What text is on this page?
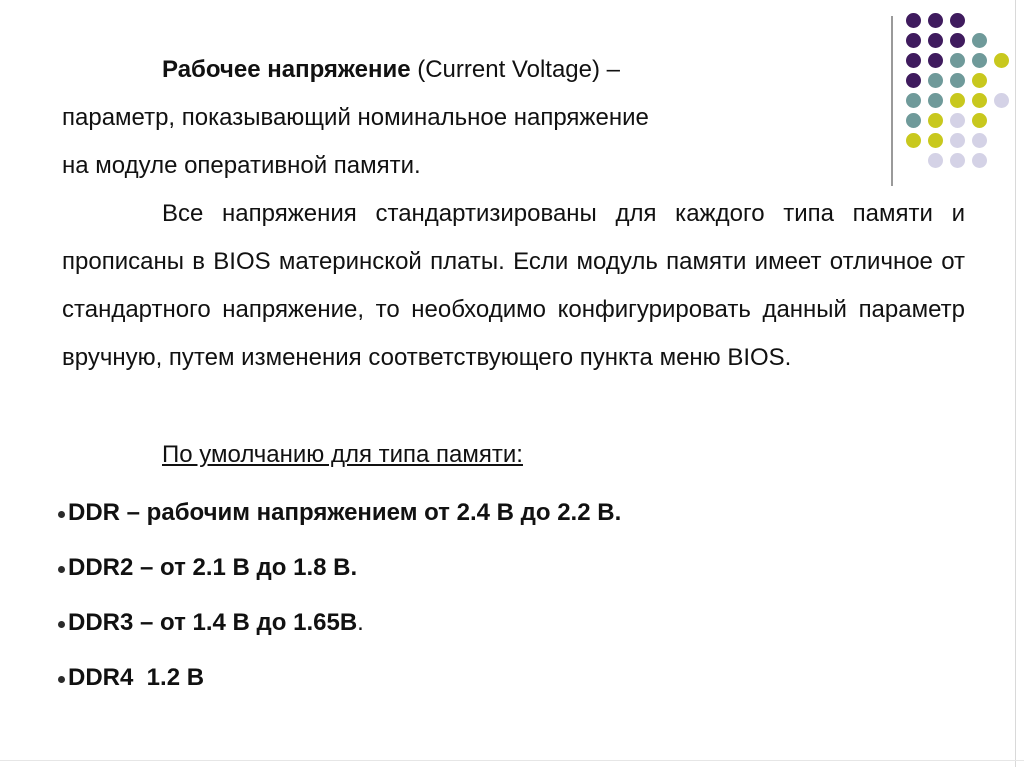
Рабочее напряжение (Current Voltage) –

параметр, показывающий номинальное напряжение

на модуле оперативной памяти.

Все напряжения стандартизированы для каждого типа памяти и прописаны в BIOS материнской платы. Если модуль памяти имеет отличное от стандартного напряжение, то необходимо конфигурировать данный параметр вручную, путем изменения соответствующего пункта меню BIOS.

По умолчанию для типа памяти:

DDR – рабочим напряжением от 2.4 В до 2.2 В.
DDR2 – от 2.1 В до 1.8 В.
DDR3 – от 1.4 В до 1.65В .
DDR4  1.2 В
